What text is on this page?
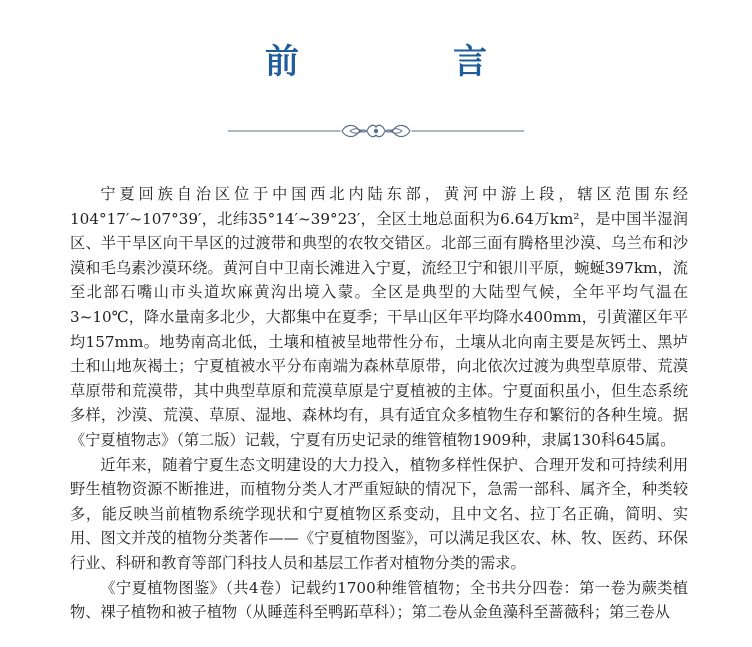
前　言

宁夏回族自治区位于中国西北内陆东部，黄河中游上段，辖区范围东经104°17′~107°39′，北纬35°14′~39°23′，全区土地总面积为6.64万km²，是中国半湿润区、半干旱区向干旱区的过渡带和典型的农牧交错区。北部三面有腾格里沙漠、乌兰布和沙漠和毛乌素沙漠环绕。黄河自中卫南长滩进入宁夏，流经卫宁和银川平原，蜿蜒397km，流至北部石嘴山市头道坎麻黄沟出境入蒙。全区是典型的大陆型气候，全年平均气温在3~10℃，降水量南多北少，大都集中在夏季；干旱山区年平均降水400mm，引黄灌区年平均157mm。地势南高北低，土壤和植被呈地带性分布，土壤从北向南主要是灰钙土、黑垆土和山地灰褐土；宁夏植被水平分布南端为森林草原带，向北依次过渡为典型草原带、荒漠草原带和荒漠带，其中典型草原和荒漠草原是宁夏植被的主体。宁夏面积虽小，但生态系统多样，沙漠、荒漠、草原、湿地、森林均有，具有适宜众多植物生存和繁衍的各种生境。据《宁夏植物志》（第二版）记载，宁夏有历史记录的维管植物1909种，隶属130科645属。

近年来，随着宁夏生态文明建设的大力投入，植物多样性保护、合理开发和可持续利用野生植物资源不断推进，而植物分类人才严重短缺的情况下，急需一部科、属齐全，种类较多，能反映当前植物系统学现状和宁夏植物区系变动，且中文名、拉丁名正确，简明、实用、图文并茂的植物分类著作——《宁夏植物图鉴》，可以满足我区农、林、牧、医药、环保行业、科研和教育等部门科技人员和基层工作者对植物分类的需求。

《宁夏植物图鉴》（共4卷）记载约1700种维管植物；全书共分四卷：第一卷为蕨类植物、裸子植物和被子植物（从睡莲科至鸭跖草科）；第二卷从金鱼藻科至蔷薇科；第三卷从
